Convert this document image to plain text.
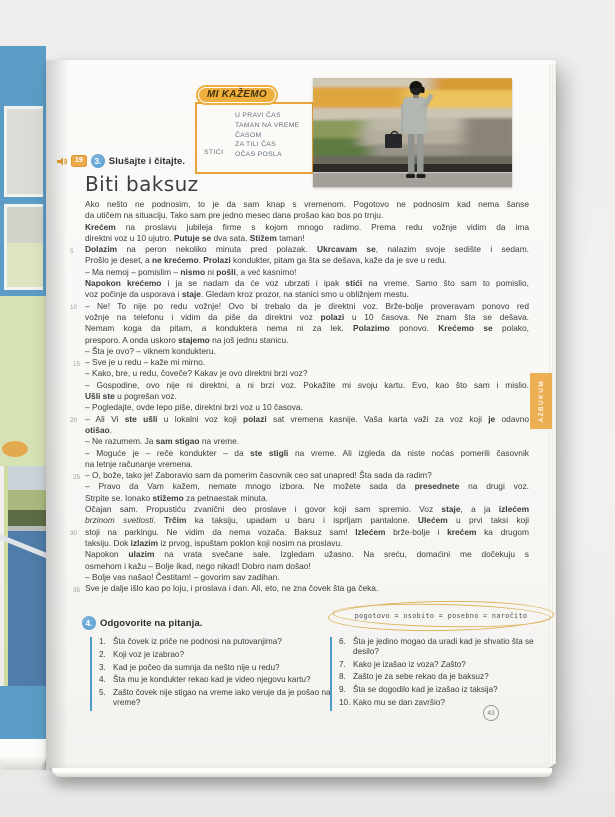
MI KAŽEMO
STIĆI
U PRAVI ČAS
TAMAN NA VREME
ČASOM
ZA TILI ČAS
OČAS POSLA
19	3. Slušajte i čitajte.
Biti baksuz
Ako nešto ne podnosim, to je da sam knap s vremenom. Pogotovo ne podnosim kad nema šanse
da utičem na situaciju. Tako sam pre jedno mesec dana prošao kao bos po trnju.
Krećem na proslavu jubileja firme s kojom mnogo radimo. Prema redu vožnje vidim da ima
direktni voz u 10 ujutro. Putuje se dva sata. Stižem taman!
Dolazim na peron nekoliko minuta pred polazak. Ukrcavam se, nalazim svoje sedište i sedam.
5
Prošlo je deset, a ne krećemo. Prolazi kondukter, pitam ga šta se dešava, kaže da je sve u redu.
– Ma nemoj – pomislim – nismo ni pošli, a već kasnimo!
Napokon krećemo i ja se nadam da će voz ubrzati i ipak stići na vreme. Samo što sam to pomislio,
voz počinje da usporava i staje. Gledam kroz prozor, na stanici smo u obližnjem mestu.
– Ne! To nije po redu vožnje! Ovo bi trebalo da je direktni voz. Brže-bolje proveravam ponovo red
10
vožnje na telefonu i vidim da piše da direktni voz polazi u 10 časova. Ne znam šta se dešava.
Nemam koga da pitam, a konduktera nema ni za lek. Polazimo ponovo. Krećemo se polako,
presporo. A onda uskoro stajemo na još jednu stanicu.
– Šta je ovo? – viknem kondukteru.
– Sve je u redu – kaže mi mirno.
15
– Kako, bre, u redu, čoveče? Kakav je ovo direktni brzi voz?
– Gospodine, ovo nije ni direktni, a ni brzi voz. Pokažite mi svoju kartu. Evo, kao što sam i mislio.
Ušli ste u pogrešan voz.
– Pogledajte, ovde lepo piše, direktni brzi voz u 10 časova.
– Ali Vi ste ušli u lokalni voz koji polazi sat vremena kasnije. Vaša karta važi za voz koji je odavno
20
otišao.
– Ne razumem. Ja sam stigao na vreme.
– Moguće je – reče kondukter – da ste stigli na vreme. Ali izgleda da niste noćas pomerili časovnik
na letnje računanje vremena.
– O, bože, tako je! Zaboravio sam da pomerim časovnik ceo sat unapred! Šta sada da radim?
25
– Pravo da Vam kažem, nemate mnogo izbora. Ne možete sada da presednete na drugi voz.
Strpite se. Ionako stižemo za petnaestak minuta.
Očajan sam. Propustiću zvanični deo proslave i govor koji sam spremio. Voz staje, a ja izlećem
brzinom svetlosti. Trčim ka taksiju, upadam u baru i isprljam pantalone. Ulećem u prvi taksi koji
stoji na parkingu. Ne vidim da nema vozača. Baksuz sam! Izlećem brže-bolje i krećem ka drugom
30
taksiju. Dok izlazim iz prvog, ispuštam poklon koji nosim na proslavu.
Napokon ulazim na vrata svečane sale. Izgledam užasno. Na sreću, domaćini me dočekuju s
osmehom i kažu – Bolje ikad, nego nikad! Dobro nam došao!
– Bolje vas našao! Čestitam! – govorim sav zadihan.
Sve je dalje išlo kao po loju, i proslava i dan. Ali, eto, ne zna čovek šta ga čeka.
35
pogotovo = osobito = posebno = naročito
4. Odgovorite na pitanja.
1. Šta čovek iz priče ne podnosi na putovanjima?
2. Koji voz je izabrao?
3. Kad je počeo da sumnja da nešto nije u redu?
4. Šta mu je kondukter rekao kad je video njegovu kartu?
5. Zašto čovek nije stigao na vreme iako veruje da je pošao na vreme?
6. Šta je jedino mogao da uradi kad je shvatio šta se desilo?
7. Kako je izašao iz voza? Zašto?
8. Zašto je za sebe rekao da je baksuz?
9. Šta se dogodilo kad je izašao iz taksija?
10. Kako mu se dan završio?
AZBUKUM
43
